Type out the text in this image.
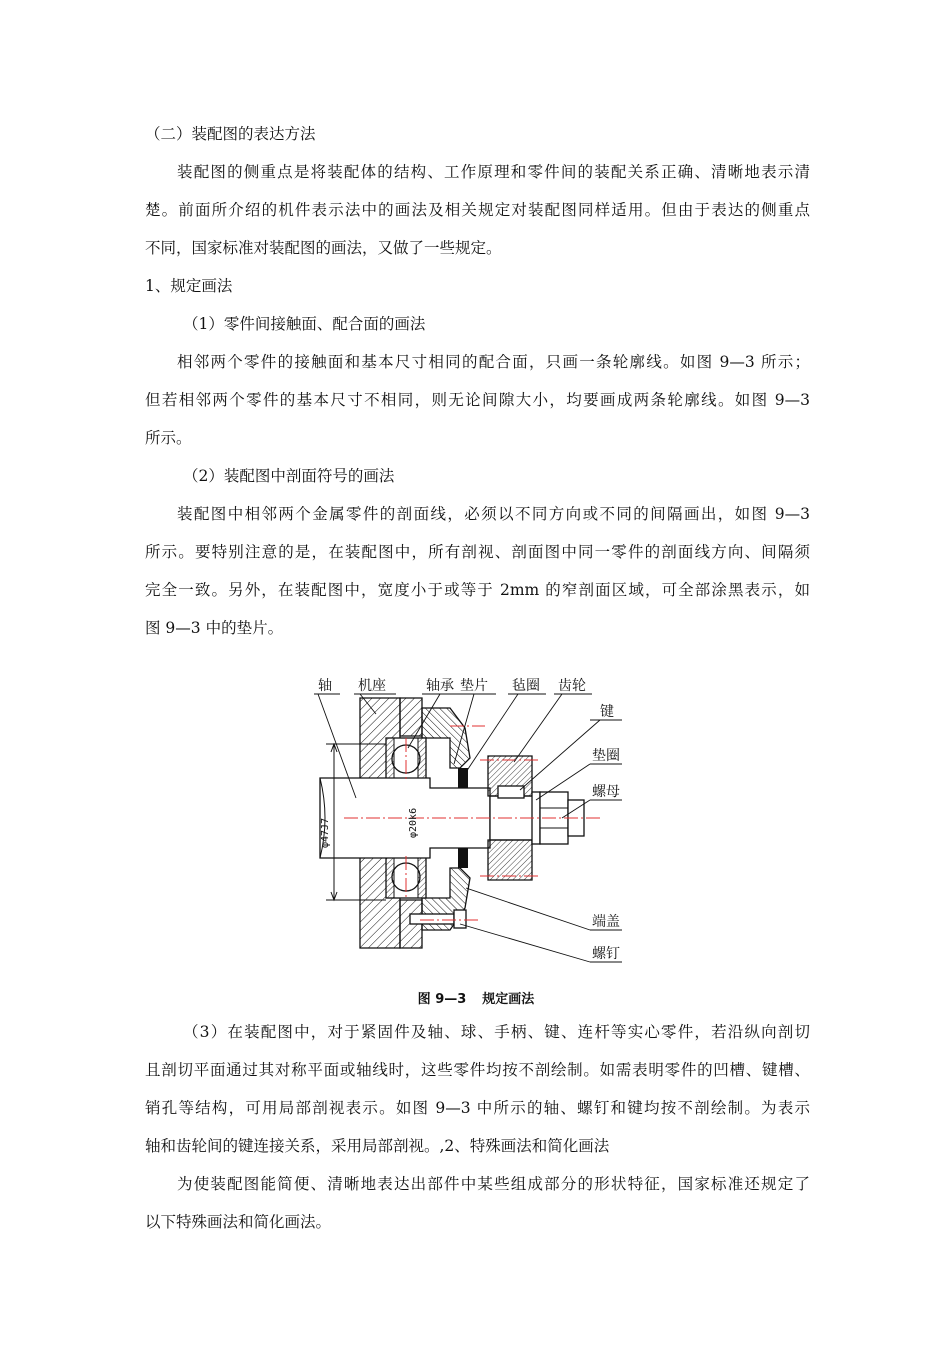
（二）装配图的表达方法
装配图的侧重点是将装配体的结构、工作原理和零件间的装配关系正确、清晰地表示清
楚。前面所介绍的机件表示法中的画法及相关规定对装配图同样适用。但由于表达的侧重点
不同，国家标准对装配图的画法，又做了一些规定。
1、规定画法
（1）零件间接触面、配合面的画法
相邻两个零件的接触面和基本尺寸相同的配合面，只画一条轮廓线。如图 9—3 所示；
但若相邻两个零件的基本尺寸不相同，则无论间隙大小，均要画成两条轮廓线。如图 9—3
所示。
（2）装配图中剖面符号的画法
装配图中相邻两个金属零件的剖面线，必须以不同方向或不同的间隔画出，如图 9—3
所示。要特别注意的是，在装配图中，所有剖视、剖面图中同一零件的剖面线方向、间隔须
完全一致。另外，在装配图中，宽度小于或等于 2mm 的窄剖面区域，可全部涂黑表示，如
图 9—3 中的垫片。
轴 机座	轴承 垫片 毡圈 齿轮
键
垫圈
螺母
端盖
螺钉
φ47J7	φ20k6
图 9—3 规定画法
（3）在装配图中，对于紧固件及轴、球、手柄、键、连杆等实心零件，若沿纵向剖切
且剖切平面通过其对称平面或轴线时，这些零件均按不剖绘制。如需表明零件的凹槽、键槽、
销孔等结构，可用局部剖视表示。如图 9—3 中所示的轴、螺钉和键均按不剖绘制。为表示
轴和齿轮间的键连接关系，采用局部剖视。,2、特殊画法和简化画法
为使装配图能简便、清晰地表达出部件中某些组成部分的形状特征，国家标准还规定了
以下特殊画法和简化画法。
